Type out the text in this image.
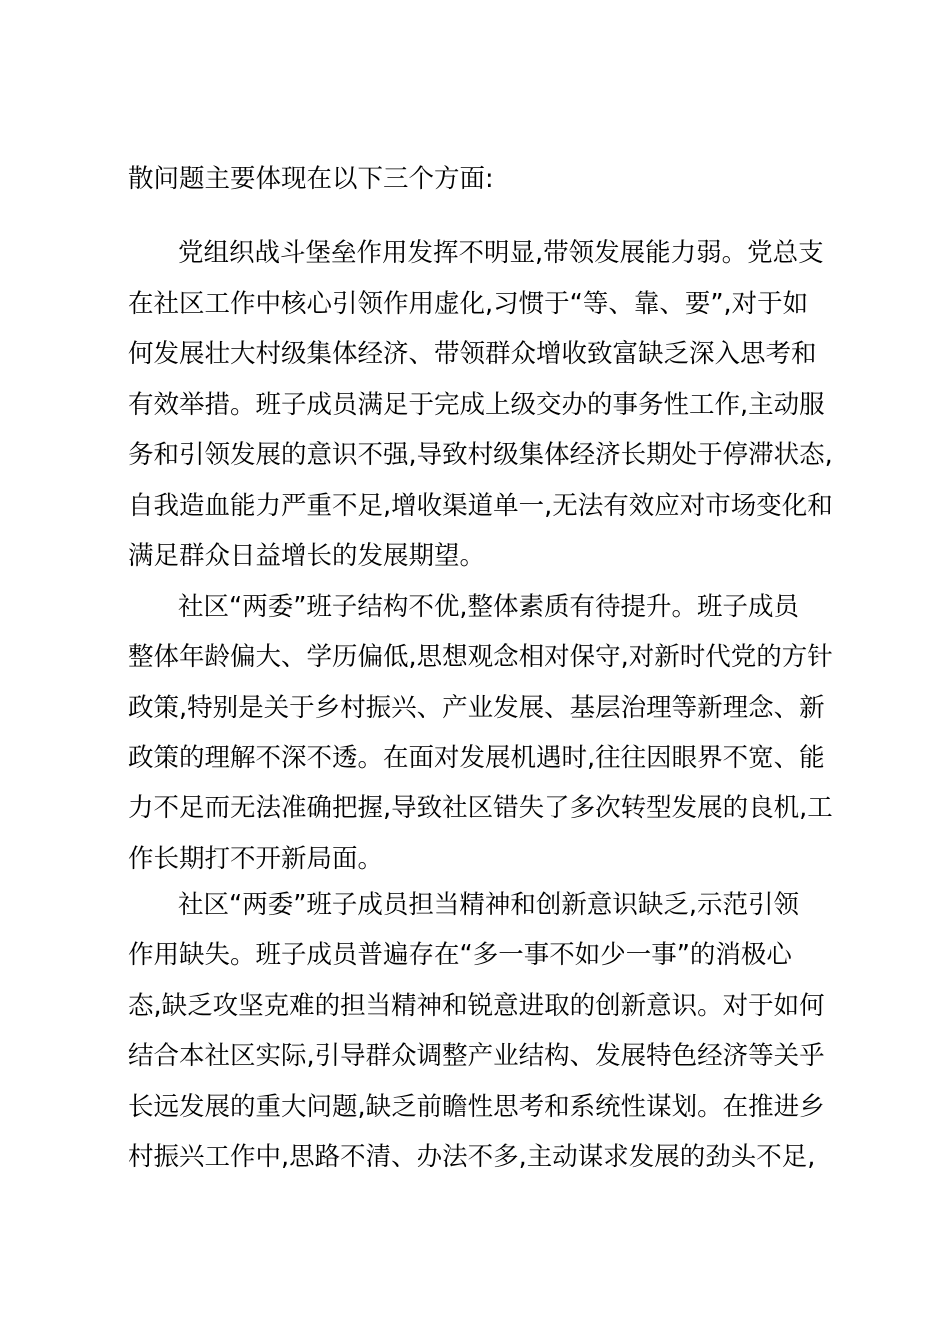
散问题主要体现在以下三个方面:
党组织战斗堡垒作用发挥不明显,带领发展能力弱。党总支
在社区工作中核心引领作用虚化,习惯于“等、靠、要”,对于如
何发展壮大村级集体经济、带领群众增收致富缺乏深入思考和
有效举措。班子成员满足于完成上级交办的事务性工作,主动服
务和引领发展的意识不强,导致村级集体经济长期处于停滞状态,
自我造血能力严重不足,增收渠道单一,无法有效应对市场变化和
满足群众日益增长的发展期望。
社区“两委”班子结构不优,整体素质有待提升。班子成员
整体年龄偏大、学历偏低,思想观念相对保守,对新时代党的方针
政策,特别是关于乡村振兴、产业发展、基层治理等新理念、新
政策的理解不深不透。在面对发展机遇时,往往因眼界不宽、能
力不足而无法准确把握,导致社区错失了多次转型发展的良机,工
作长期打不开新局面。
社区“两委”班子成员担当精神和创新意识缺乏,示范引领
作用缺失。班子成员普遍存在“多一事不如少一事”的消极心
态,缺乏攻坚克难的担当精神和锐意进取的创新意识。对于如何
结合本社区实际,引导群众调整产业结构、发展特色经济等关乎
长远发展的重大问题,缺乏前瞻性思考和系统性谋划。在推进乡
村振兴工作中,思路不清、办法不多,主动谋求发展的劲头不足,
